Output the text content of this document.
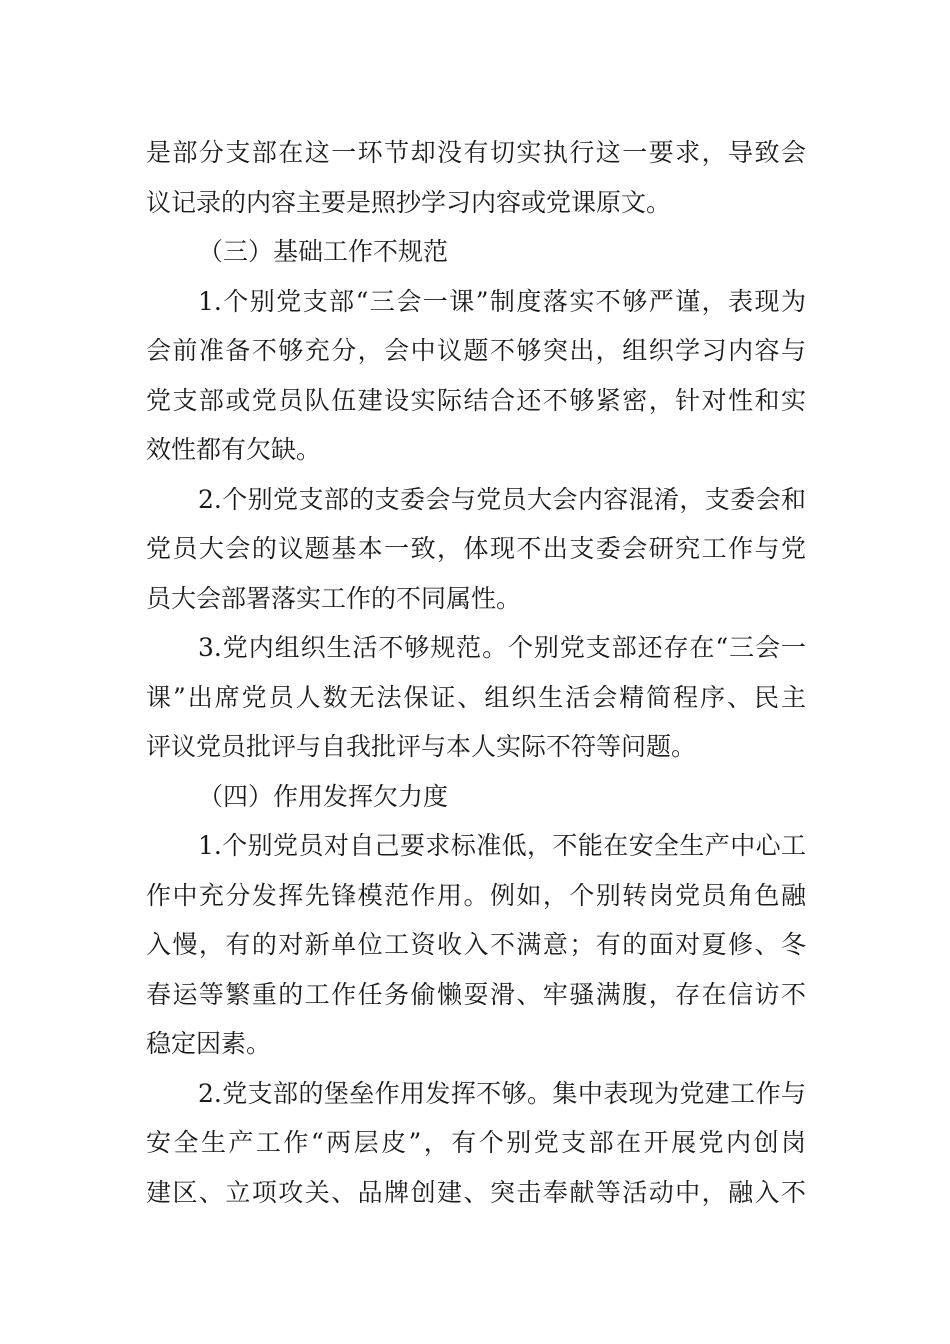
是部分支部在这一环节却没有切实执行这一要求，导致会
议记录的内容主要是照抄学习内容或党课原文。
（三）基础工作不规范
1.个别党支部“三会一课”制度落实不够严谨，表现为
会前准备不够充分，会中议题不够突出，组织学习内容与
党支部或党员队伍建设实际结合还不够紧密，针对性和实
效性都有欠缺。
2.个别党支部的支委会与党员大会内容混淆，支委会和
党员大会的议题基本一致，体现不出支委会研究工作与党
员大会部署落实工作的不同属性。
3.党内组织生活不够规范。个别党支部还存在“三会一
课”出席党员人数无法保证、组织生活会精简程序、民主
评议党员批评与自我批评与本人实际不符等问题。
（四）作用发挥欠力度
1.个别党员对自己要求标准低，不能在安全生产中心工
作中充分发挥先锋模范作用。例如，个别转岗党员角色融
入慢，有的对新单位工资收入不满意；有的面对夏修、冬
春运等繁重的工作任务偷懒耍滑、牢骚满腹，存在信访不
稳定因素。
2.党支部的堡垒作用发挥不够。集中表现为党建工作与
安全生产工作“两层皮”，有个别党支部在开展党内创岗
建区、立项攻关、品牌创建、突击奉献等活动中，融入不
